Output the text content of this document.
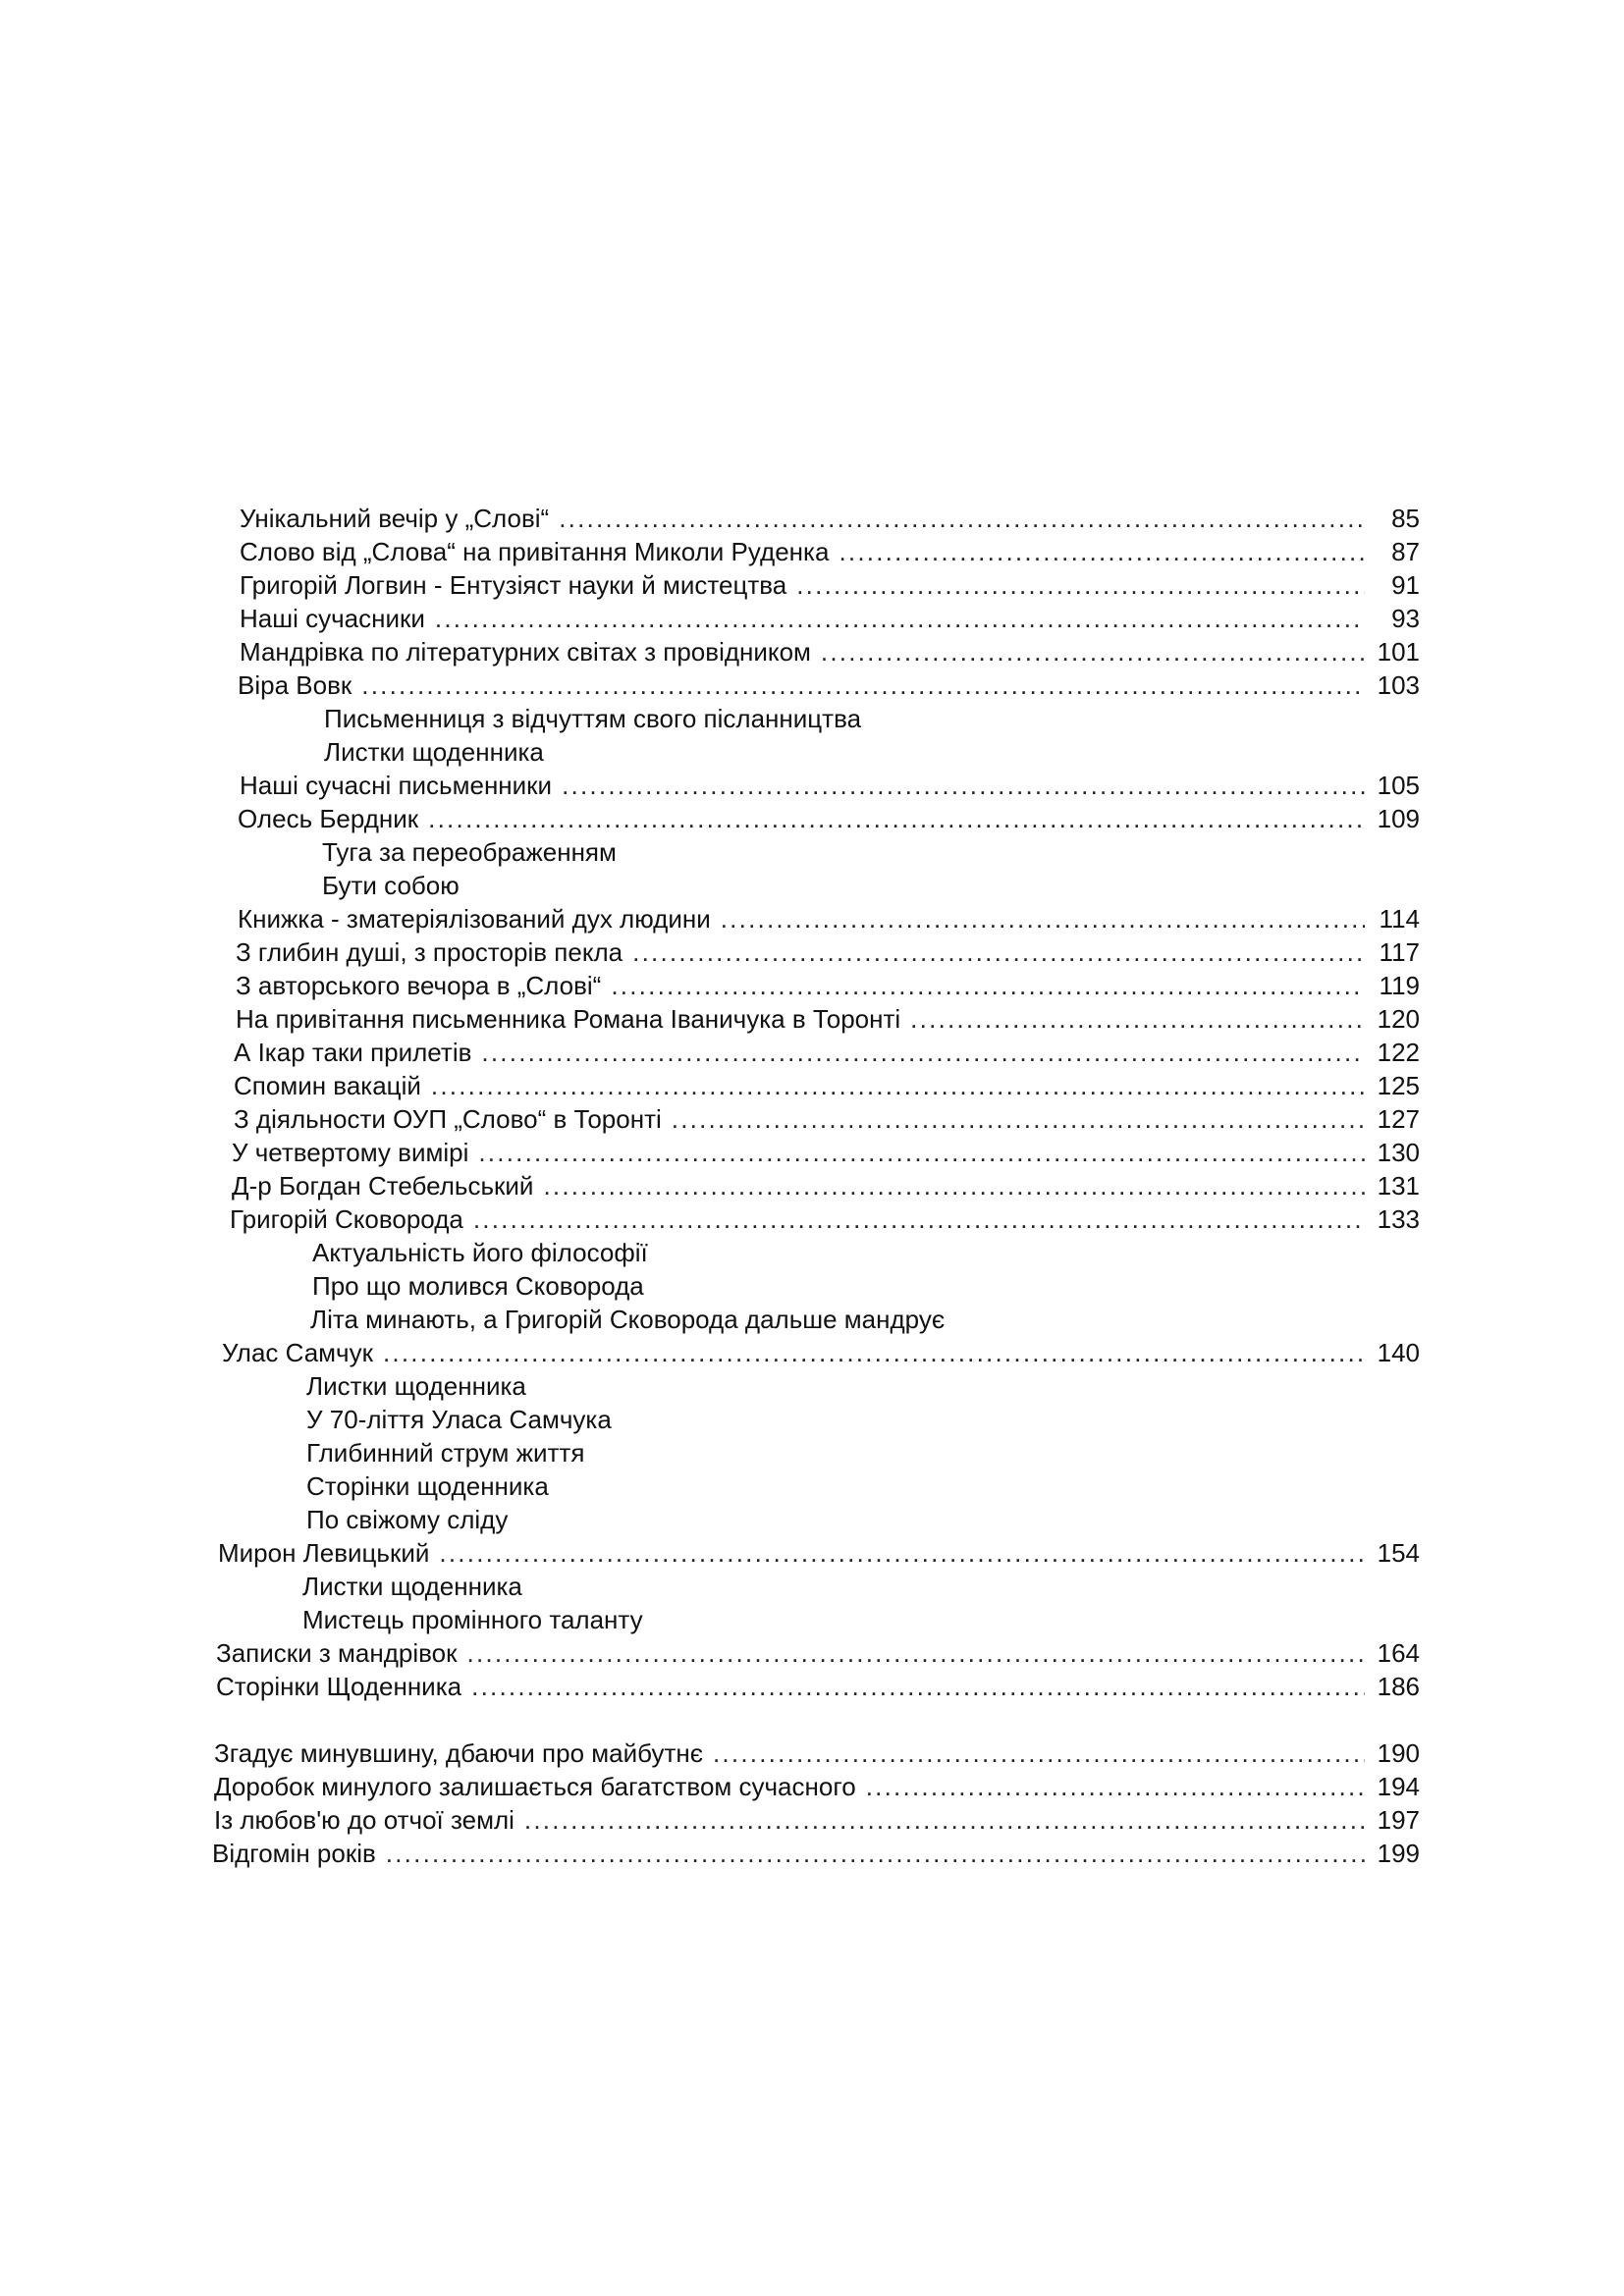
Унікальний вечір у „Слові“ . . .	85
Слово від „Слова“ на привітання Миколи Руденка . . .	87
Григорій Логвин - Ентузіяст науки й мистецтва . . .	91
Наші сучасники . . .	93
Мандрівка по літературних світах з провідником . . .	101
Віра Вовк . . .	103
Письменниця з відчуттям свого післанництва
Листки щоденника
Наші сучасні письменники . . .	105
Олесь Бердник . . .	109
Туга за переображенням
Бути собою
Книжка - зматеріялізований дух людини . . .	114
З глибин душі, з просторів пекла . . .	117
З авторського вечора в „Слові“ . . .	119
На привітання письменника Романа Іваничука в Торонті . . .	120
А Ікар таки прилетів . . .	122
Спомин вакацій . . .	125
З діяльности ОУП „Слово“ в Торонті . . .	127
У четвертому вимірі . . .	130
Д-р Богдан Стебельський . . .	131
Григорій Сковорода . . .	133
Актуальність його філософії
Про що молився Сковорода
Літа минають, а Григорій Сковорода дальше мандрує
Улас Самчук . . .	140
Листки щоденника
У 70-ліття Уласа Самчука
Глибинний струм життя
Сторінки щоденника
По свіжому сліду
Мирон Левицький . . .	154
Листки щоденника
Мистець промінного таланту
Записки з мандрівок . . .	164
Сторінки Щоденника . . .	186
Згадує минувшину, дбаючи про майбутнє . . .	190
Доробок минулого залишається багатством сучасного . . .	194
Із любов'ю до отчої землі . . .	197
Відгомін років . . .	199
